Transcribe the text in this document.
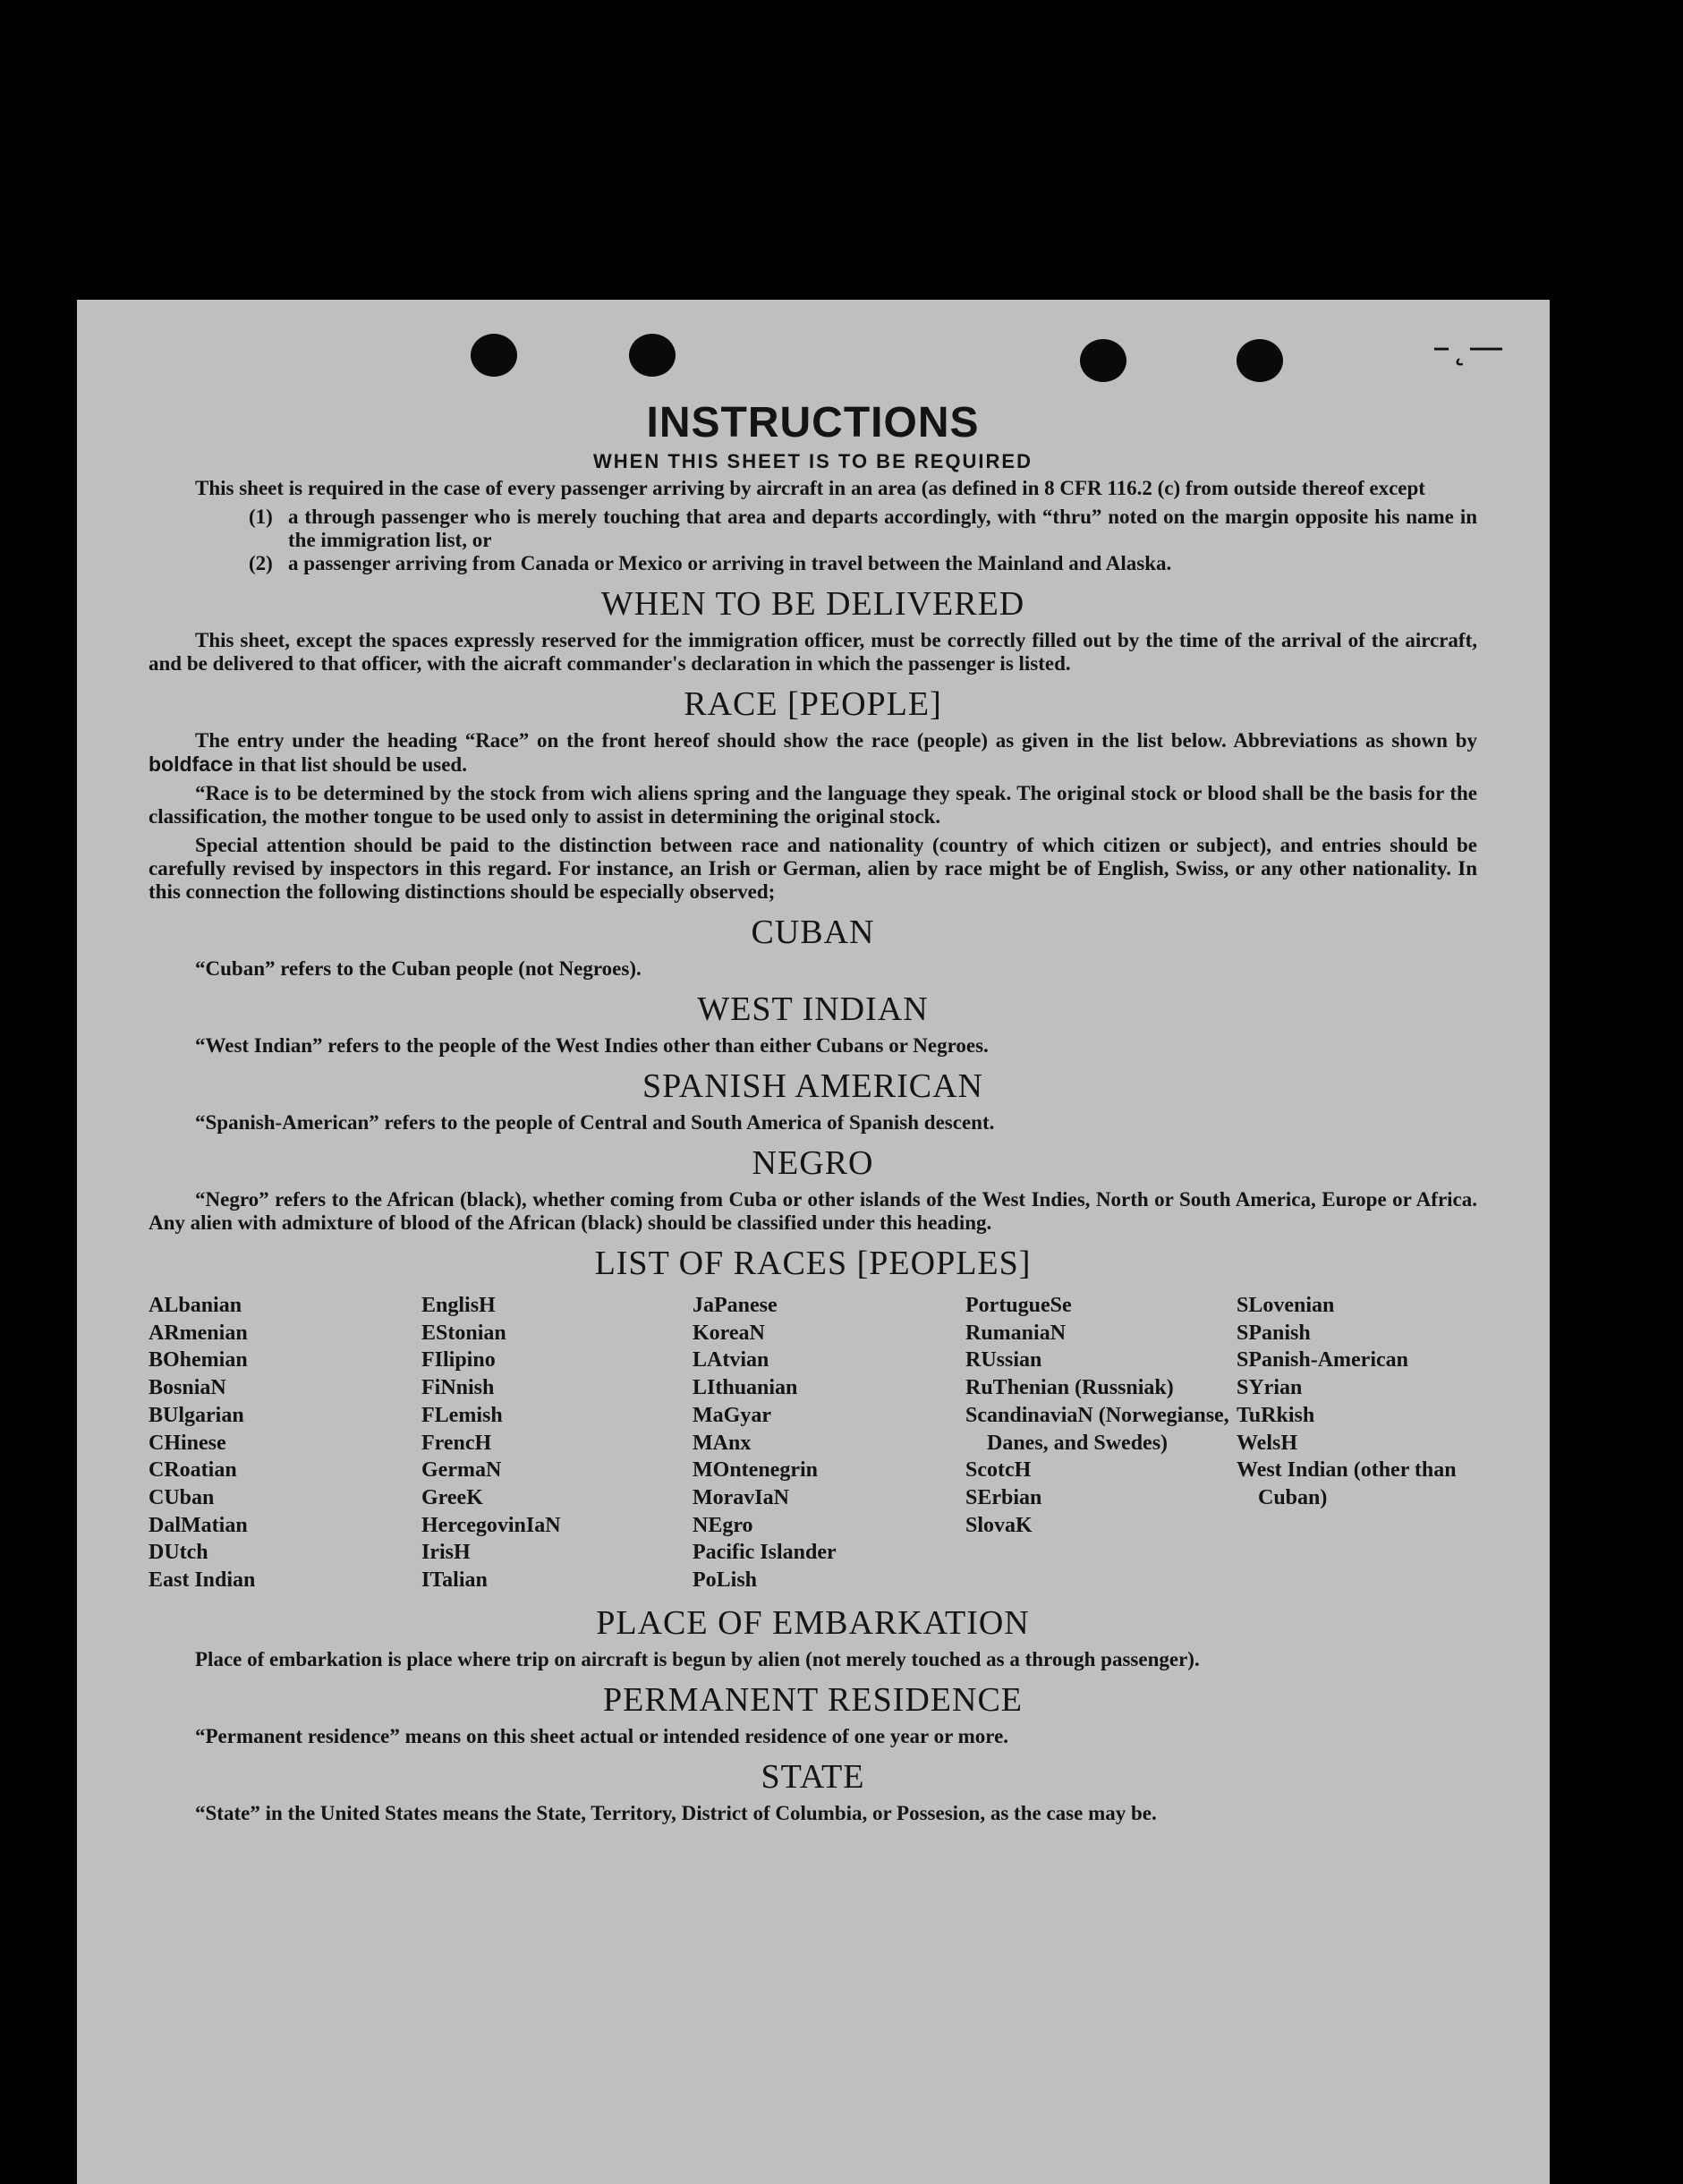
–˛—
INSTRUCTIONS
WHEN THIS SHEET IS TO BE REQUIRED

This sheet is required in the case of every passenger arriving by aircraft in an area (as defined in 8 CFR 116.2 (c) from outside thereof except

(1) a through passenger who is merely touching that area and departs accordingly, with “thru” noted on the margin opposite his name in the immigration list, or
(2) a passenger arriving from Canada or Mexico or arriving in travel between the Mainland and Alaska.
WHEN TO BE DELIVERED

This sheet, except the spaces expressly reserved for the immigration officer, must be correctly filled out by the time of the arrival of the aircraft, and be delivered to that officer, with the aicraft commander's declaration in which the passenger is listed.

RACE [PEOPLE]

The entry under the heading “Race” on the front hereof should show the race (people) as given in the list below. Abbreviations as shown by boldface in that list should be used.

“Race is to be determined by the stock from wich aliens spring and the language they speak. The original stock or blood shall be the basis for the classification, the mother tongue to be used only to assist in determining the original stock.

Special attention should be paid to the distinction between race and nationality (country of which citizen or subject), and entries should be carefully revised by inspectors in this regard. For instance, an Irish or German, alien by race might be of English, Swiss, or any other nationality. In this connection the following distinctions should be especially observed;

CUBAN

“Cuban” refers to the Cuban people (not Negroes).

WEST INDIAN

“West Indian” refers to the people of the West Indies other than either Cubans or Negroes.

SPANISH AMERICAN

“Spanish-American” refers to the people of Central and South America of Spanish descent.

NEGRO

“Negro” refers to the African (black), whether coming from Cuba or other islands of the West Indies, North or South America, Europe or Africa. Any alien with admixture of blood of the African (black) should be classified under this heading.

LIST OF RACES [PEOPLES]
ALbanian
ARmenian
BOhemian
BosniaN
BUlgarian
CHinese
CRoatian
CUban
DalMatian
DUtch
East Indian
EnglisH
EStonian
FIlipino
FiNnish
FLemish
FrencH
GermaN
GreeK
HercegovinIaN
IrisH
ITalian
JaPanese
KoreaN
LAtvian
LIthuanian
MaGyar
MAnx
MOntenegrin
MoravIaN
NEgro
Pacific Islander
PoLish
PortugueSe
RumaniaN
RUssian
RuThenian (Russniak)
ScandinaviaN (Norwegianse, Danes, and Swedes)
ScotcH
SErbian
SlovaK
SLovenian
SPanish
SPanish-American
SYrian
TuRkish
WelsH
West Indian (other than Cuban)
PLACE OF EMBARKATION

Place of embarkation is place where trip on aircraft is begun by alien (not merely touched as a through passenger).

PERMANENT RESIDENCE

“Permanent residence” means on this sheet actual or intended residence of one year or more.

STATE

“State” in the United States means the State, Territory, District of Columbia, or Possesion, as the case may be.
